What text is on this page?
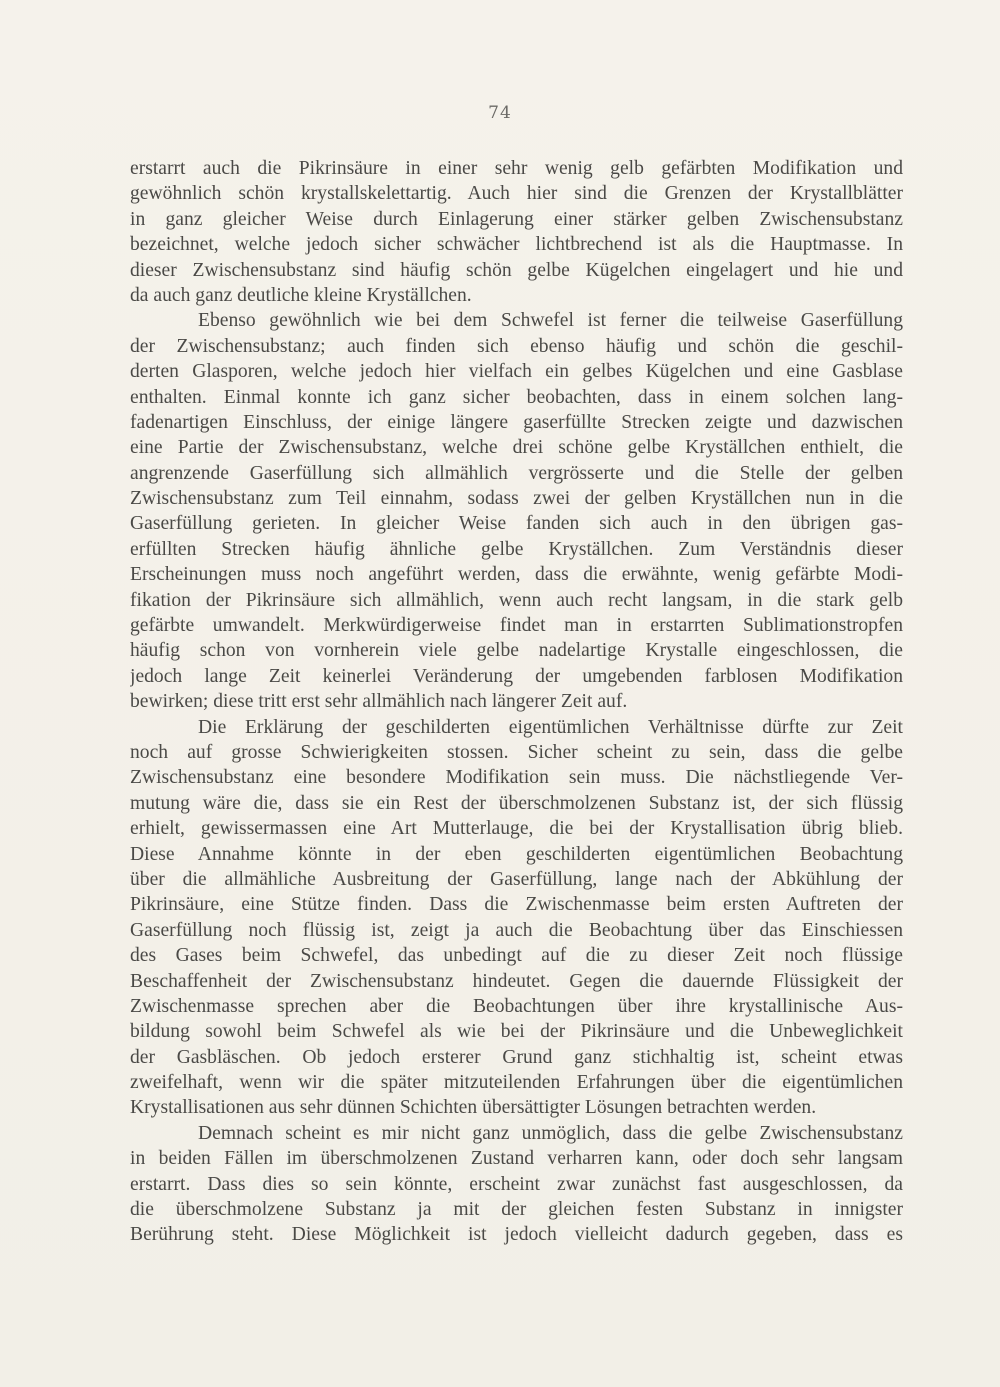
74
erstarrt auch die Pikrinsäure in einer sehr wenig gelb gefärbten Modifikation und
gewöhnlich schön krystallskelettartig. Auch hier sind die Grenzen der Krystallblätter
in ganz gleicher Weise durch Einlagerung einer stärker gelben Zwischensubstanz
bezeichnet, welche jedoch sicher schwächer lichtbrechend ist als die Hauptmasse. In
dieser Zwischensubstanz sind häufig schön gelbe Kügelchen eingelagert und hie und
da auch ganz deutliche kleine Kryställchen.
Ebenso gewöhnlich wie bei dem Schwefel ist ferner die teilweise Gaserfüllung
der Zwischensubstanz; auch finden sich ebenso häufig und schön die geschil-
derten Glasporen, welche jedoch hier vielfach ein gelbes Kügelchen und eine Gasblase
enthalten. Einmal konnte ich ganz sicher beobachten, dass in einem solchen lang-
fadenartigen Einschluss, der einige längere gaserfüllte Strecken zeigte und dazwischen
eine Partie der Zwischensubstanz, welche drei schöne gelbe Kryställchen enthielt, die
angrenzende Gaserfüllung sich allmählich vergrösserte und die Stelle der gelben
Zwischensubstanz zum Teil einnahm, sodass zwei der gelben Kryställchen nun in die
Gaserfüllung gerieten. In gleicher Weise fanden sich auch in den übrigen gas-
erfüllten Strecken häufig ähnliche gelbe Kryställchen. Zum Verständnis dieser
Erscheinungen muss noch angeführt werden, dass die erwähnte, wenig gefärbte Modi-
fikation der Pikrinsäure sich allmählich, wenn auch recht langsam, in die stark gelb
gefärbte umwandelt. Merkwürdigerweise findet man in erstarrten Sublimationstropfen
häufig schon von vornherein viele gelbe nadelartige Krystalle eingeschlossen, die
jedoch lange Zeit keinerlei Veränderung der umgebenden farblosen Modifikation
bewirken; diese tritt erst sehr allmählich nach längerer Zeit auf.
Die Erklärung der geschilderten eigentümlichen Verhältnisse dürfte zur Zeit
noch auf grosse Schwierigkeiten stossen. Sicher scheint zu sein, dass die gelbe
Zwischensubstanz eine besondere Modifikation sein muss. Die nächstliegende Ver-
mutung wäre die, dass sie ein Rest der überschmolzenen Substanz ist, der sich flüssig
erhielt, gewissermassen eine Art Mutterlauge, die bei der Krystallisation übrig blieb.
Diese Annahme könnte in der eben geschilderten eigentümlichen Beobachtung
über die allmähliche Ausbreitung der Gaserfüllung, lange nach der Abkühlung der
Pikrinsäure, eine Stütze finden. Dass die Zwischenmasse beim ersten Auftreten der
Gaserfüllung noch flüssig ist, zeigt ja auch die Beobachtung über das Einschiessen
des Gases beim Schwefel, das unbedingt auf die zu dieser Zeit noch flüssige
Beschaffenheit der Zwischensubstanz hindeutet. Gegen die dauernde Flüssigkeit der
Zwischenmasse sprechen aber die Beobachtungen über ihre krystallinische Aus-
bildung sowohl beim Schwefel als wie bei der Pikrinsäure und die Unbeweglichkeit
der Gasbläschen. Ob jedoch ersterer Grund ganz stichhaltig ist, scheint etwas
zweifelhaft, wenn wir die später mitzuteilenden Erfahrungen über die eigentümlichen
Krystallisationen aus sehr dünnen Schichten übersättigter Lösungen betrachten werden.
Demnach scheint es mir nicht ganz unmöglich, dass die gelbe Zwischensubstanz
in beiden Fällen im überschmolzenen Zustand verharren kann, oder doch sehr langsam
erstarrt. Dass dies so sein könnte, erscheint zwar zunächst fast ausgeschlossen, da
die überschmolzene Substanz ja mit der gleichen festen Substanz in innigster
Berührung steht. Diese Möglichkeit ist jedoch vielleicht dadurch gegeben, dass es
